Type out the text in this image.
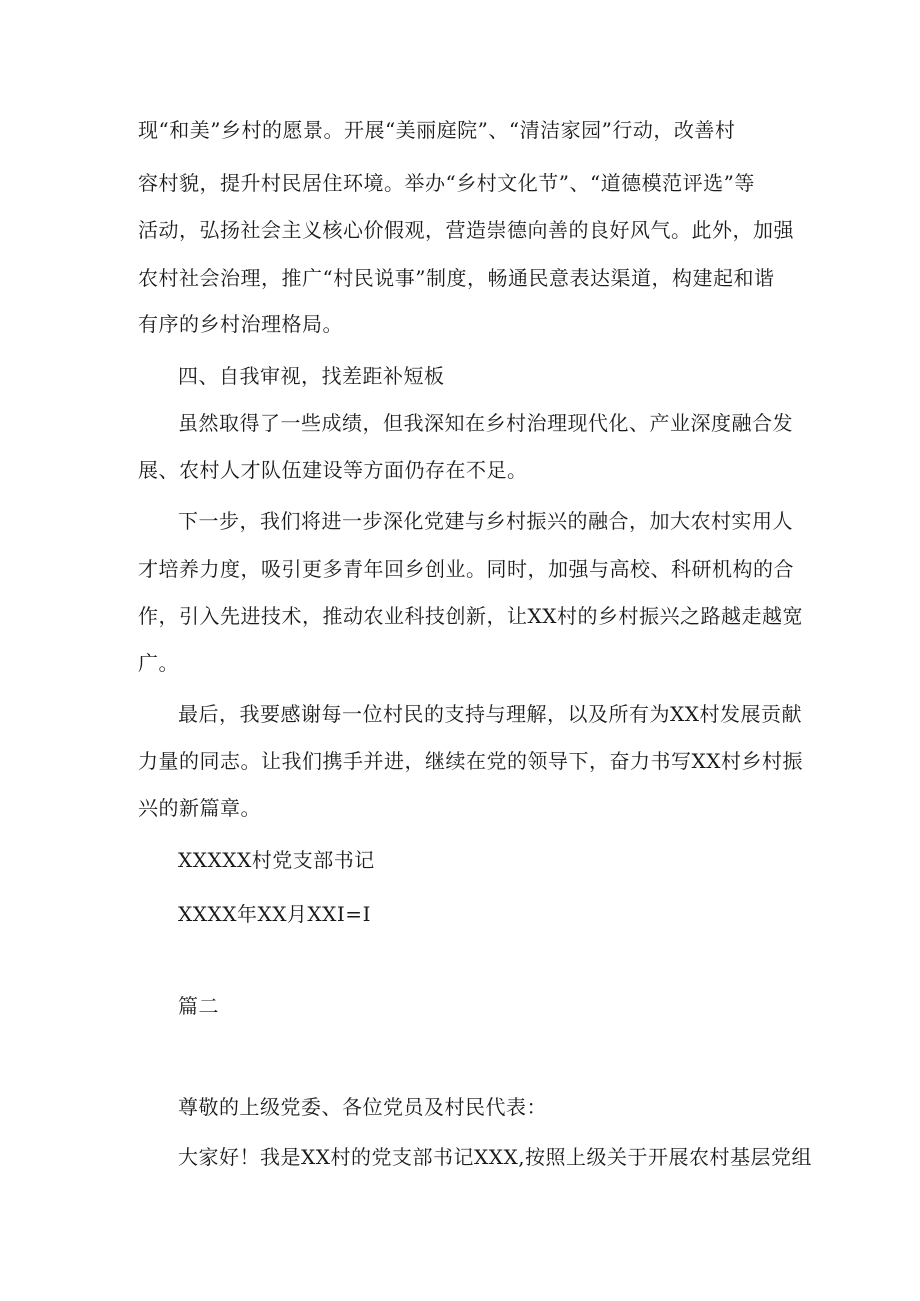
现“和美”乡村的愿景。开展“美丽庭院”、“清洁家园”行动，改善村
容村貌，提升村民居住环境。举办“乡村文化节”、“道德模范评选”等
活动，弘扬社会主义核心价假观，营造崇德向善的良好风气。此外，加强
农村社会治理，推广“村民说事”制度，畅通民意表达渠道，构建起和谐
有序的乡村治理格局。
四、自我审视，找差距补短板
虽然取得了一些成绩，但我深知在乡村治理现代化、产业深度融合发
展、农村人才队伍建设等方面仍存在不足。
下一步，我们将进一步深化党建与乡村振兴的融合，加大农村实用人
才培养力度，吸引更多青年回乡创业。同时，加强与高校、科研机构的合
作，引入先进技术，推动农业科技创新，让XX村的乡村振兴之路越走越宽
广。
最后，我要感谢每一位村民的支持与理解，以及所有为XX村发展贡献
力量的同志。让我们携手并进，继续在党的领导下，奋力书写XX村乡村振
兴的新篇章。
XXXXX村党支部书记
XXXX年XX月XXI=I
篇二
尊敬的上级党委、各位党员及村民代表：
大家好！我是XX村的党支部书记XXX,按照上级关于开展农村基层党组
